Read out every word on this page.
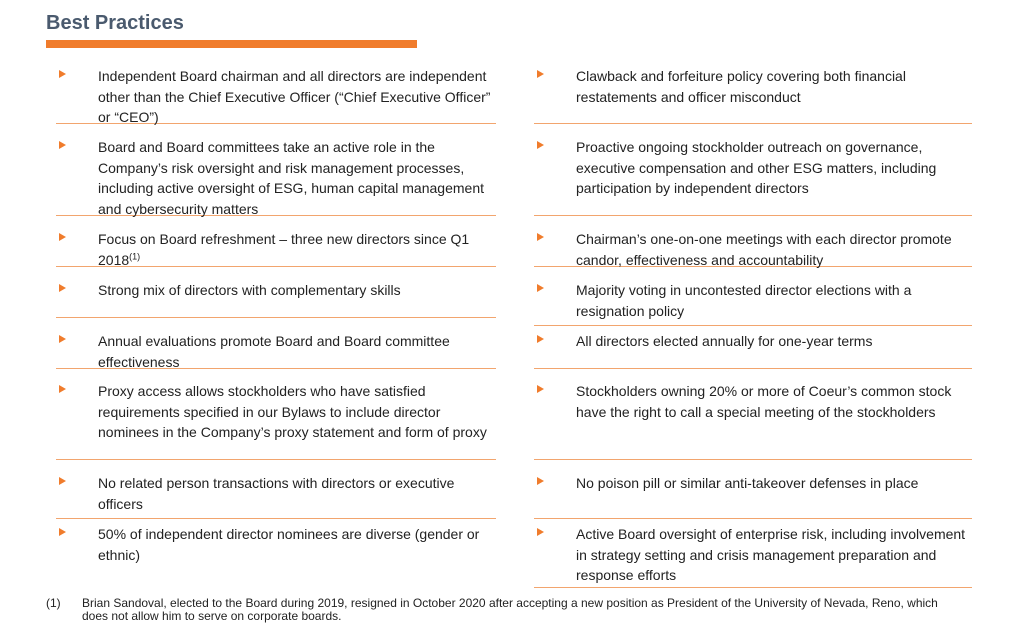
Best Practices

Independent Board chairman and all directors are independent other than the Chief Executive Officer (“Chief Executive Officer” or “CEO”)

Board and Board committees take an active role in the Company’s risk oversight and risk management processes, including active oversight of ESG, human capital management and cybersecurity matters

Focus on Board refreshment – three new directors since Q1 2018$^{(1)}$

Strong mix of directors with complementary skills

Annual evaluations promote Board and Board committee effectiveness

Proxy access allows stockholders who have satisfied requirements specified in our Bylaws to include director nominees in the Company’s proxy statement and form of proxy

No related person transactions with directors or executive officers

50% of independent director nominees are diverse (gender or ethnic)

Clawback and forfeiture policy covering both financial restatements and officer misconduct

Proactive ongoing stockholder outreach on governance, executive compensation and other ESG matters, including participation by independent directors

Chairman’s one-on-one meetings with each director promote candor, effectiveness and accountability

Majority voting in uncontested director elections with a resignation policy

All directors elected annually for one-year terms

Stockholders owning 20% or more of Coeur’s common stock have the right to call a special meeting of the stockholders

No poison pill or similar anti-takeover defenses in place

Active Board oversight of enterprise risk, including involvement in strategy setting and crisis management preparation and response efforts

(1) Brian Sandoval, elected to the Board during 2019, resigned in October 2020 after accepting a new position as President of the University of Nevada, Reno, which does not allow him to serve on corporate boards.
